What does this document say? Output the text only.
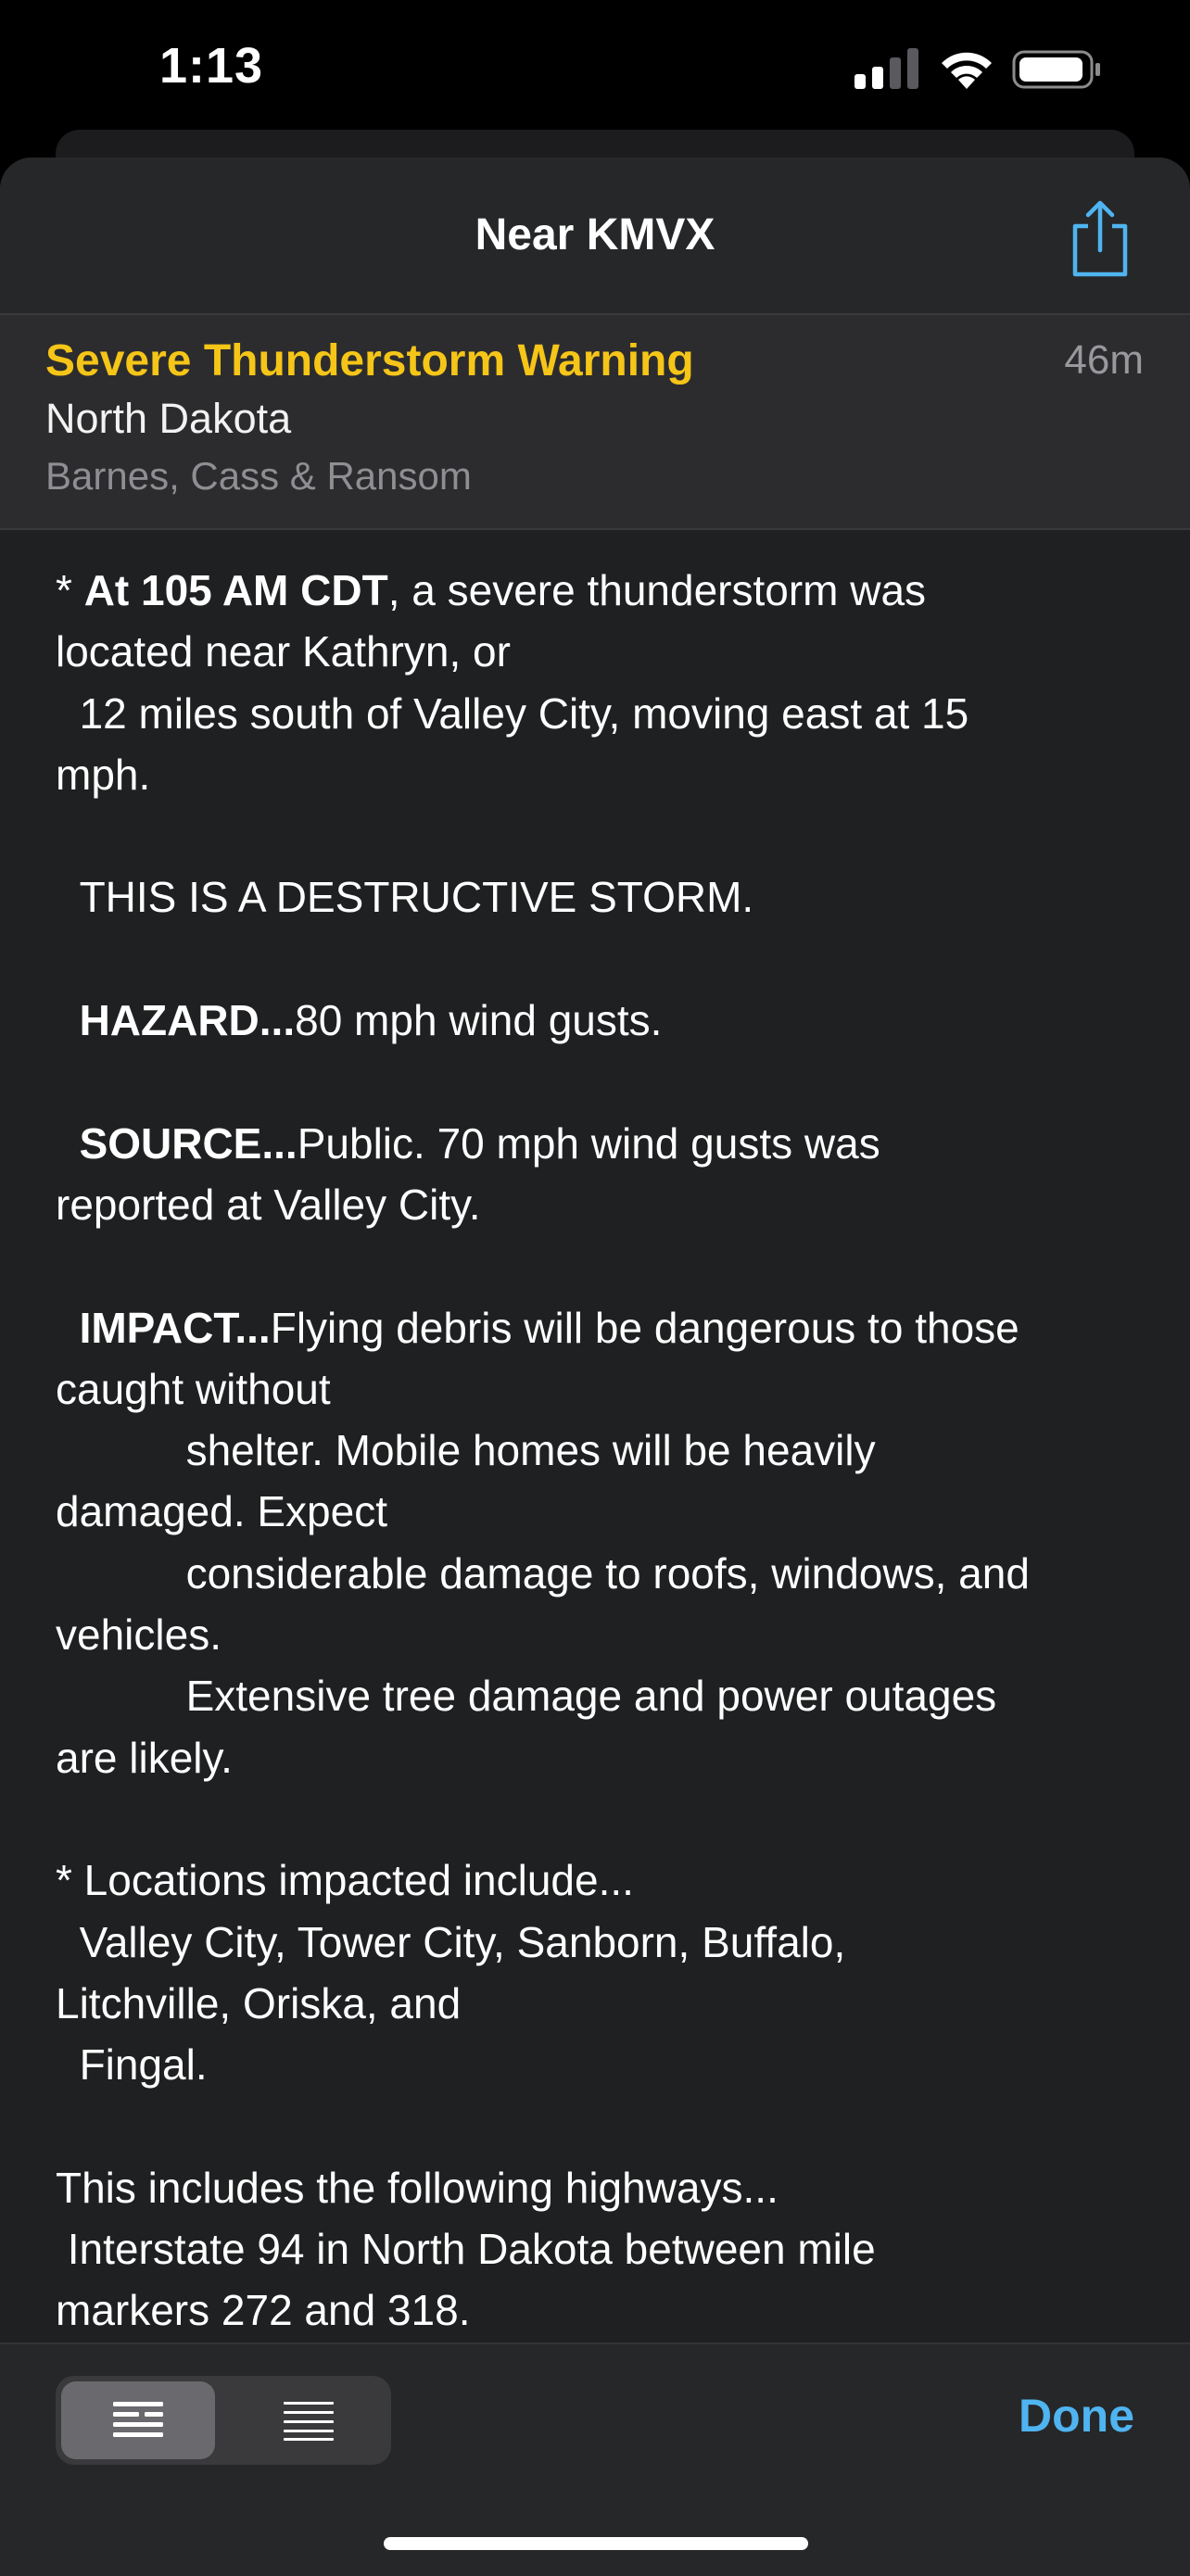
1:13
Near KMVX
Severe Thunderstorm Warning	46m
North Dakota
Barnes, Cass & Ransom
* At 105 AM CDT, a severe thunderstorm was
located near Kathryn, or
12 miles south of Valley City, moving east at 15
mph.

THIS IS A DESTRUCTIVE STORM.

HAZARD...80 mph wind gusts.

SOURCE...Public. 70 mph wind gusts was
reported at Valley City.

IMPACT...Flying debris will be dangerous to those
caught without
shelter. Mobile homes will be heavily
damaged. Expect
considerable damage to roofs, windows, and
vehicles.
Extensive tree damage and power outages
are likely.

* Locations impacted include...
Valley City, Tower City, Sanborn, Buffalo,
Litchville, Oriska, and
Fingal.

This includes the following highways...
Interstate 94 in North Dakota between mile
markers 272 and 318.
Done
